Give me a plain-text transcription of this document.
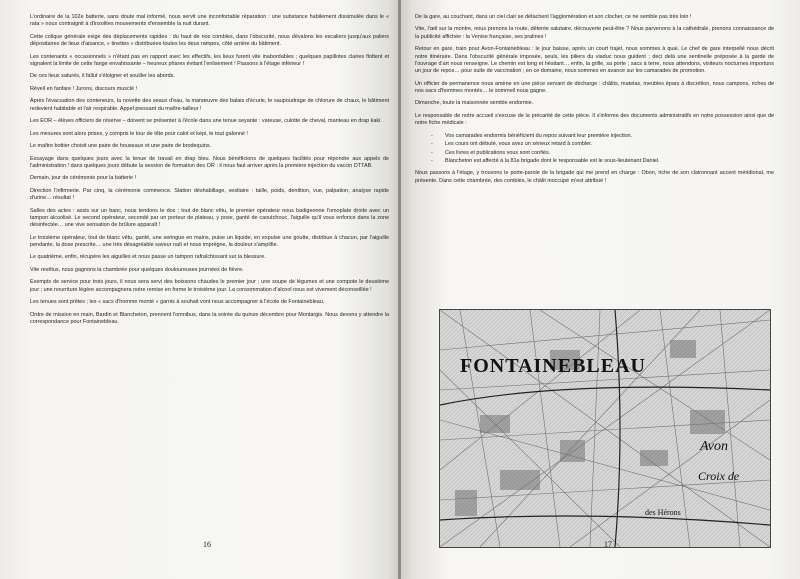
L'ordinaire de la 102e batterie, sans doute mal informé, nous servit une inconfortable réparation : une substance habilement dissimulée dans le « rata » nous contraignit à d'insolites mouvements d'ensemble la nuit durant.

Cette colique générale exige des déplacements rapides : du haut de nos combles, dans l'obscurité, nous dévalons les escaliers jusqu'aux paliers dépositaires de lieux d'aisance, « tinettes » distribuées toutes les deux rampes, côté arrière du bâtiment.

Les contenants « occasionnels » n'étant pas en rapport avec les effectifs, les lieux furent vite inabordables ; quelques papillotes claires flottent et signalent la limite de cette fange envahissante – heureux phares évitant l'enlisement ! Passons à l'étage inférieur !

De ces lieux saturés, il fallut s'éloigner et souiller les abords.

Réveil en fanfare ! Jurons, discours musclé !

Après l'évacuation des conteneurs, la novette des seaux d'eau, la manœuvre des balais d'écurie, le saupoudrage de chlorure de chaux, le bâtiment redevient habitable et l'air respirable. Appel pressant du maître-tailleur !

Les EOR – élèves officiers de réserve – doivent se présenter à l'école dans une tenue seyante : vareuse, culotte de cheval, manteau en drap kaki.

Les mesures sont alors prises, y compris le tour de tête pour calot et képi, le tout galonné !

Le maître bottier choisit une paire de houseaux et une paire de brodequins.

Essayage dans quelques jours avec la tenue de travail en drap bleu. Nous bénéficions de quelques facilités pour répondre aux appels de l'administration ! dans quelques jours débute la session de formation des OR : il nous faut arriver après la première injection du vaccin DTTAB.

Demain, jour de cérémonie pour la batterie !

Direction l'infirmerie. Par cinq, la cérémonie commence. Station déshabillage, vestiaire : taille, poids, dentition, vue, palpation, analyse rapide d'urine… résultat !

Salles des actes : assis sur un banc, nous tendons le dos ; tout de blanc vêtu, le premier opérateur nous badigeonne l'omoplate droite avec un tampon alcoolisé. Le second opérateur, secondé par un porteur de plateau, y pose, ganté de caoutchouc, l'aiguille qu'il vous enfonce dans la zone désinfectée… une vive sensation de brûlure apparaît !

Le troisième opérateur, tout de blanc vêtu, ganté, une seringue en mains, puise un liquide, en expulse une goutte, distribue à chacun, par l'aiguille pendante, la dose prescrite… une très désagréable saveur naît et nous imprègne, la douleur s'amplifie.

Le quatrième, enfin, récupère les aiguilles et nous passe un tampon rafraîchissant sur la blessure.

Vite revêtus, nous gagnons la chambrée pour quelques douloureuses journées de fièvre.

Exempts de service pour trois jours, il nous sera servi des boissons chaudes le premier jour ; une soupe de légumes et une compote le deuxième jour ; une nourriture légère accompagnera notre remise en forme le troisième jour. La consommation d'alcool nous est vivement déconseillée !

Les tenues sont prêtes ; les « sacs d'homme monté » garnis à souhait vont nous accompagner à l'école de Fontainebleau.

Ordre de mission en main, Bardin et Blancheton, prennent l'omnibus, dans la soirée du quinze décembre pour Montargis. Nous devons y attendre la correspondance pour Fontainebleau.

16

De la gare, au couchant, dans un ciel clair se détachent l'agglomération et son clocher, ce ne semble pas très loin !

Vite, l'œil sur la montre, nous prenons la route, détente salutaire, découverte peut-être ? Nous parvenons à la cathédrale, prenons connaissance de la publicité affichée : la Venise française, ses pralines !

Retour en gare, train pour Avon-Fontainebleau : le jour baisse, après un court trajet, nous sommes à quai. Le chef de gare interpellé nous décrit notre itinéraire. Dans l'obscurité générale imposée, seuls, les piliers du viaduc nous guident ; deci delà une sentinelle préposée à la garde de l'ouvrage d'art nous renseigne. Le chemin est long et hésitant… enfin, la grille, sa porte ; sacs à terre, nous attendons, visiteurs nocturnes importuns un jour de repos… pour suite de vaccination ; en ce domaine, nous sommes en avance sur les camarades de promotion.

Un officier de permanence nous amène en une pièce servant de décharge : châlits, matelas, meubles épars à discrétion, nous campons, riches de nos sacs d'hommes montés… le sommeil nous gagne.

Dimanche, toute la maisonnée semble endormie.

Le responsable de notre accueil s'excuse de la précarité de cette pièce. Il s'informe des documents administratifs en notre possession ainsi que de notre fiche médicale :

- Vos camarades endormis bénéficient du repos suivant leur première injection.
- Les cours ont débuté, vous avez un sérieux retard à combler.
- Ces livres et publications vous sont confiés.
- Blancheton est affecté à la 81e brigade dont le responsable est le sous-lieutenant Daniel.

Nous passons à l'étage, y trouvons le porte-parole de la brigade qui me prend en charge : Obon, riche de son claironnant accent méridional, me présente. Dans cette chambrée, des combles, le châlit inoccupé m'est attribué !

FONTAINEBLEAU
Avon
Croix de
des Hérons
17
